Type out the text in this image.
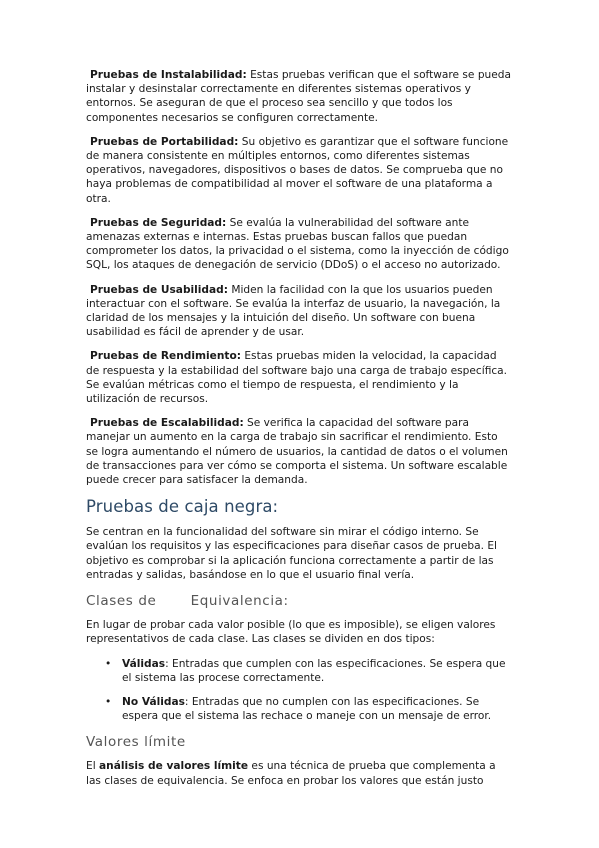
Pruebas de Instalabilidad: Estas pruebas verifican que el software se pueda instalar y desinstalar correctamente en diferentes sistemas operativos y entornos. Se aseguran de que el proceso sea sencillo y que todos los componentes necesarios se configuren correctamente.

Pruebas de Portabilidad: Su objetivo es garantizar que el software funcione de manera consistente en múltiples entornos, como diferentes sistemas operativos, navegadores, dispositivos o bases de datos. Se comprueba que no haya problemas de compatibilidad al mover el software de una plataforma a otra.

Pruebas de Seguridad: Se evalúa la vulnerabilidad del software ante amenazas externas e internas. Estas pruebas buscan fallos que puedan comprometer los datos, la privacidad o el sistema, como la inyección de código SQL, los ataques de denegación de servicio (DDoS) o el acceso no autorizado.

Pruebas de Usabilidad: Miden la facilidad con la que los usuarios pueden interactuar con el software. Se evalúa la interfaz de usuario, la navegación, la claridad de los mensajes y la intuición del diseño. Un software con buena usabilidad es fácil de aprender y de usar.

Pruebas de Rendimiento: Estas pruebas miden la velocidad, la capacidad de respuesta y la estabilidad del software bajo una carga de trabajo específica. Se evalúan métricas como el tiempo de respuesta, el rendimiento y la utilización de recursos.

Pruebas de Escalabilidad: Se verifica la capacidad del software para manejar un aumento en la carga de trabajo sin sacrificar el rendimiento. Esto se logra aumentando el número de usuarios, la cantidad de datos o el volumen de transacciones para ver cómo se comporta el sistema. Un software escalable puede crecer para satisfacer la demanda.

Pruebas de caja negra:

Se centran en la funcionalidad del software sin mirar el código interno. Se evalúan los requisitos y las especificaciones para diseñar casos de prueba. El objetivo es comprobar si la aplicación funciona correctamente a partir de las entradas y salidas, basándose en lo que el usuario final vería.

Clases de       Equivalencia:

En lugar de probar cada valor posible (lo que es imposible), se eligen valores representativos de cada clase. Las clases se dividen en dos tipos:

• Válidas: Entradas que cumplen con las especificaciones. Se espera que el sistema las procese correctamente.
• No Válidas: Entradas que no cumplen con las especificaciones. Se espera que el sistema las rechace o maneje con un mensaje de error.
Valores límite

El análisis de valores límite es una técnica de prueba que complementa a las clases de equivalencia. Se enfoca en probar los valores que están justo
